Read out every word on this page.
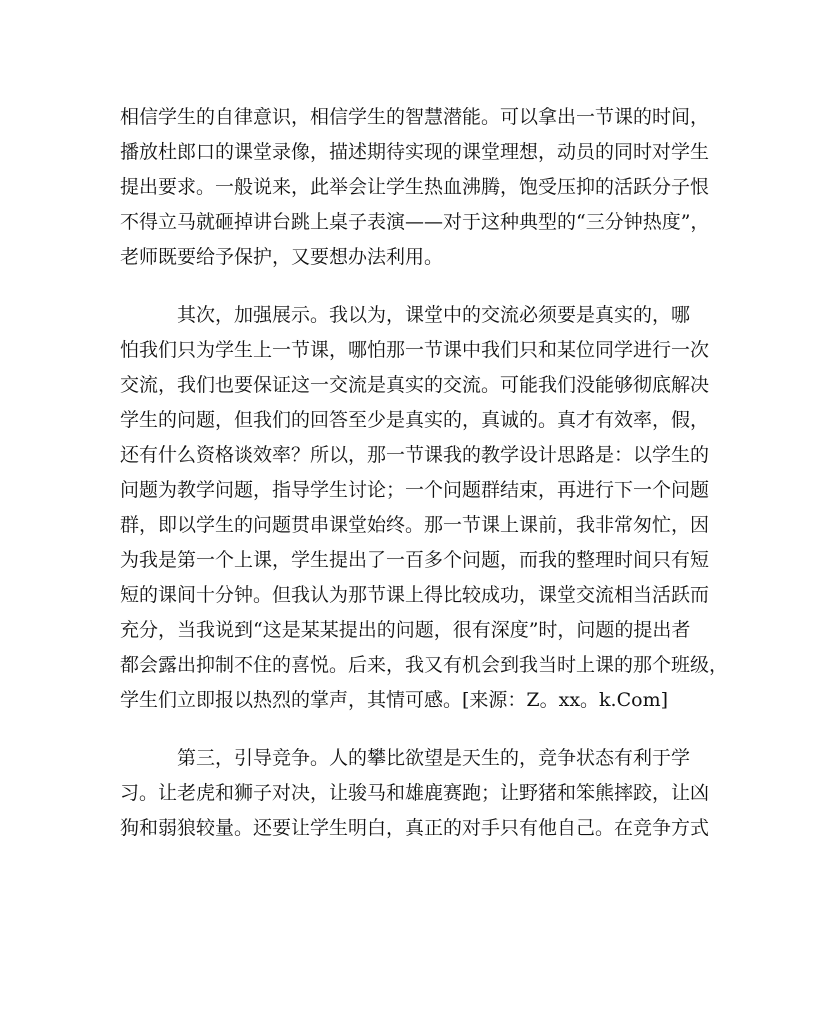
相信学生的自律意识，相信学生的智慧潜能。可以拿出一节课的时间，
播放杜郎口的课堂录像，描述期待实现的课堂理想，动员的同时对学生
提出要求。一般说来，此举会让学生热血沸腾，饱受压抑的活跃分子恨
不得立马就砸掉讲台跳上桌子表演——对于这种典型的“三分钟热度”，
老师既要给予保护，又要想办法利用。

　　　其次，加强展示。我以为，课堂中的交流必须要是真实的，哪
怕我们只为学生上一节课，哪怕那一节课中我们只和某位同学进行一次
交流，我们也要保证这一交流是真实的交流。可能我们没能够彻底解决
学生的问题，但我们的回答至少是真实的，真诚的。真才有效率，假，
还有什么资格谈效率？所以，那一节课我的教学设计思路是：以学生的
问题为教学问题，指导学生讨论；一个问题群结束，再进行下一个问题
群，即以学生的问题贯串课堂始终。那一节课上课前，我非常匆忙，因
为我是第一个上课，学生提出了一百多个问题，而我的整理时间只有短
短的课间十分钟。但我认为那节课上得比较成功，课堂交流相当活跃而
充分，当我说到“这是某某提出的问题，很有深度”时，问题的提出者
都会露出抑制不住的喜悦。后来，我又有机会到我当时上课的那个班级，
学生们立即报以热烈的掌声，其情可感。[来源：Z。xx。k.Com]

　　　第三，引导竞争。人的攀比欲望是天生的，竞争状态有利于学
习。让老虎和狮子对决，让骏马和雄鹿赛跑；让野猪和笨熊摔跤，让凶
狗和弱狼较量。还要让学生明白，真正的对手只有他自己。在竞争方式
